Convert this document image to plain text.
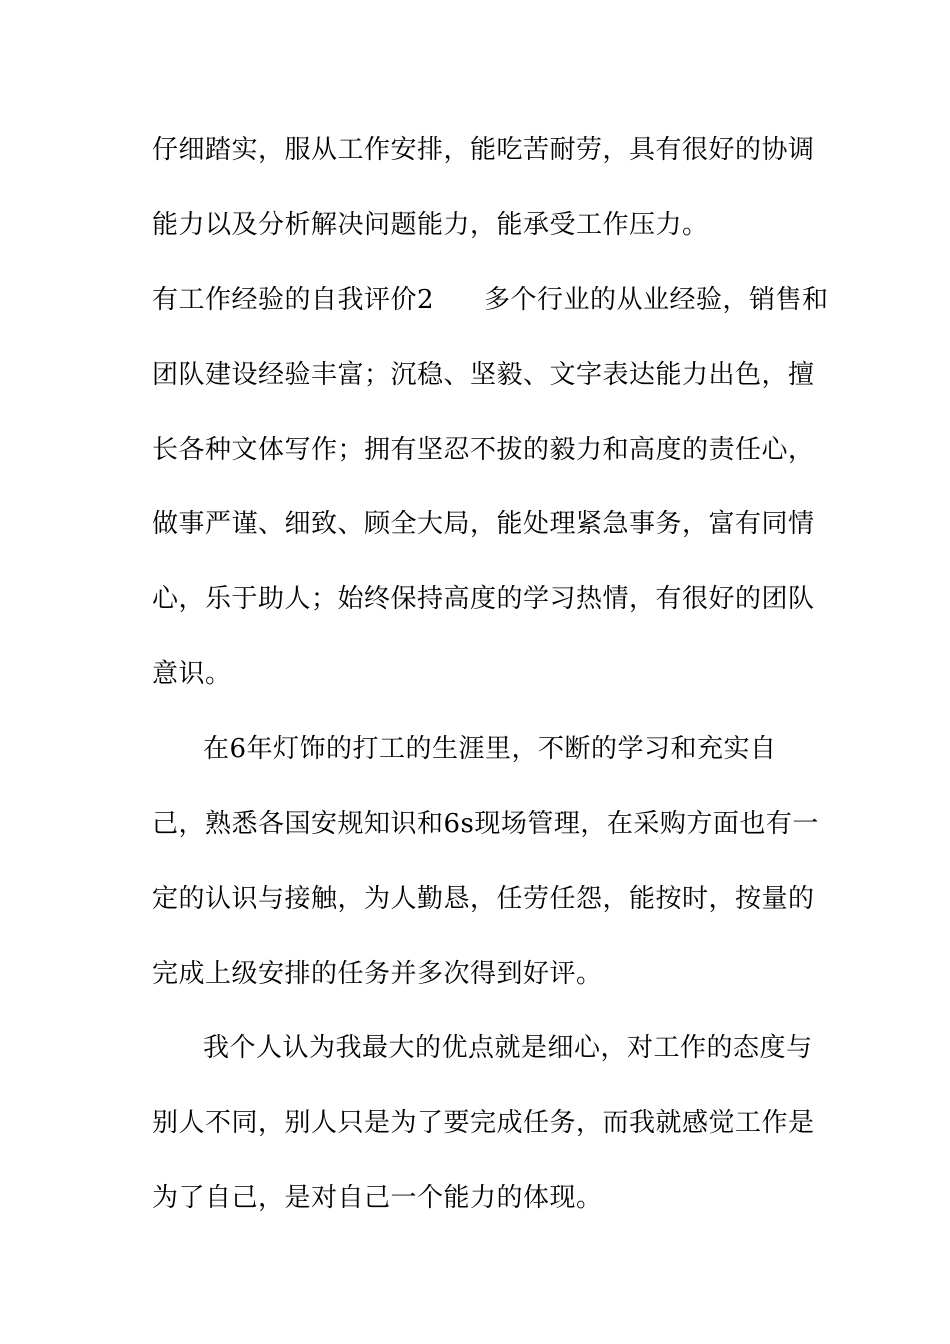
仔细踏实，服从工作安排，能吃苦耐劳，具有很好的协调
能力以及分析解决问题能力，能承受工作压力。
有工作经验的自我评价2 多个行业的从业经验，销售和
团队建设经验丰富；沉稳、坚毅、文字表达能力出色，擅
长各种文体写作；拥有坚忍不拔的毅力和高度的责任心，
做事严谨、细致、顾全大局，能处理紧急事务，富有同情
心，乐于助人；始终保持高度的学习热情，有很好的团队
意识。
在6年灯饰的打工的生涯里，不断的学习和充实自
己，熟悉各国安规知识和6s现场管理，在采购方面也有一
定的认识与接触，为人勤恳，任劳任怨，能按时，按量的
完成上级安排的任务并多次得到好评。
我个人认为我最大的优点就是细心，对工作的态度与
别人不同，别人只是为了要完成任务，而我就感觉工作是
为了自己，是对自己一个能力的体现。
